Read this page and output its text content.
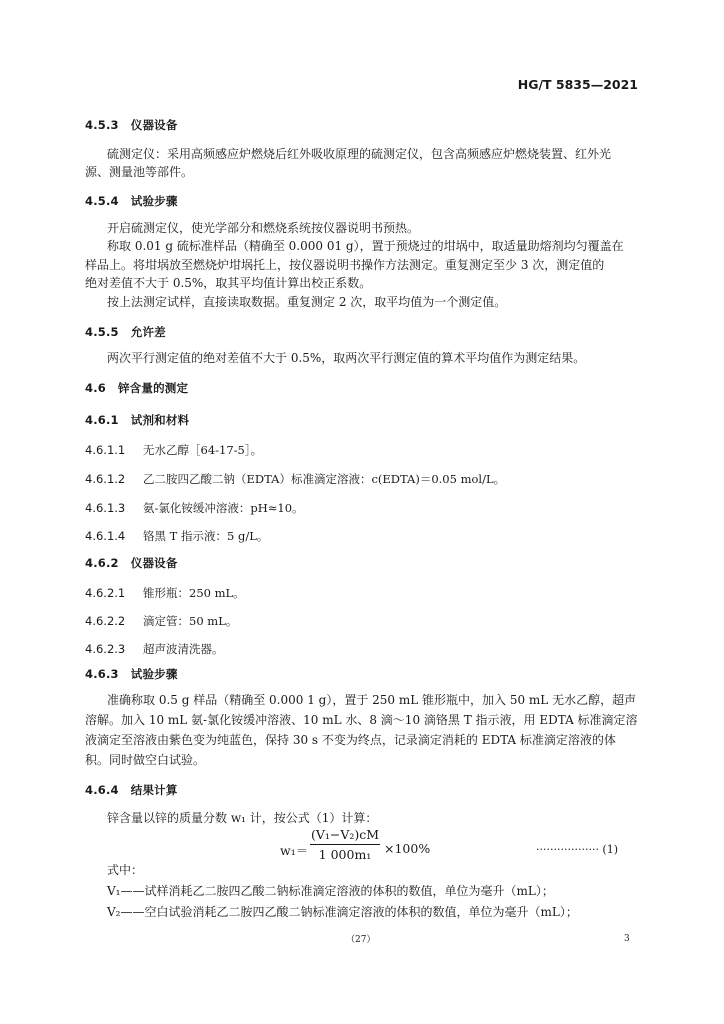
HG/T 5835—2021
4.5.3 仪器设备
硫测定仪：采用高频感应炉燃烧后红外吸收原理的硫测定仪，包含高频感应炉燃烧装置、红外光
源、测量池等部件。
4.5.4 试验步骤
开启硫测定仪，使光学部分和燃烧系统按仪器说明书预热。
称取 0.01 g 硫标准样品（精确至 0.000 01 g），置于预烧过的坩埚中，取适量助熔剂均匀覆盖在
样品上。将坩埚放至燃烧炉坩埚托上，按仪器说明书操作方法测定。重复测定至少 3 次，测定值的
绝对差值不大于 0.5%，取其平均值计算出校正系数。
按上法测定试样，直接读取数据。重复测定 2 次，取平均值为一个测定值。
4.5.5 允许差
两次平行测定值的绝对差值不大于 0.5%，取两次平行测定值的算术平均值作为测定结果。
4.6 锌含量的测定
4.6.1 试剂和材料
4.6.1.1 无水乙醇［64-17-5］。
4.6.1.2 乙二胺四乙酸二钠（EDTA）标准滴定溶液：c(EDTA)＝0.05 mol/L。
4.6.1.3 氨-氯化铵缓冲溶液：pH≈10。
4.6.1.4 铬黑 T 指示液：5 g/L。
4.6.2 仪器设备
4.6.2.1 锥形瓶：250 mL。
4.6.2.2 滴定管：50 mL。
4.6.2.3 超声波清洗器。
4.6.3 试验步骤
准确称取 0.5 g 样品（精确至 0.000 1 g），置于 250 mL 锥形瓶中，加入 50 mL 无水乙醇，超声
溶解。加入 10 mL 氨-氯化铵缓冲溶液、10 mL 水、8 滴～10 滴铬黑 T 指示液，用 EDTA 标准滴定溶
液滴定至溶液由紫色变为纯蓝色，保持 30 s 不变为终点，记录滴定消耗的 EDTA 标准滴定溶液的体
积。同时做空白试验。
4.6.4 结果计算
锌含量以锌的质量分数 w₁ 计，按公式（1）计算：
w₁＝
(V₁−V₂)cM
1 000m₁	×100%	·················· (1)
式中：
V₁——试样消耗乙二胺四乙酸二钠标准滴定溶液的体积的数值，单位为毫升（mL）；
V₂——空白试验消耗乙二胺四乙酸二钠标准滴定溶液的体积的数值，单位为毫升（mL）；
（27）	3
